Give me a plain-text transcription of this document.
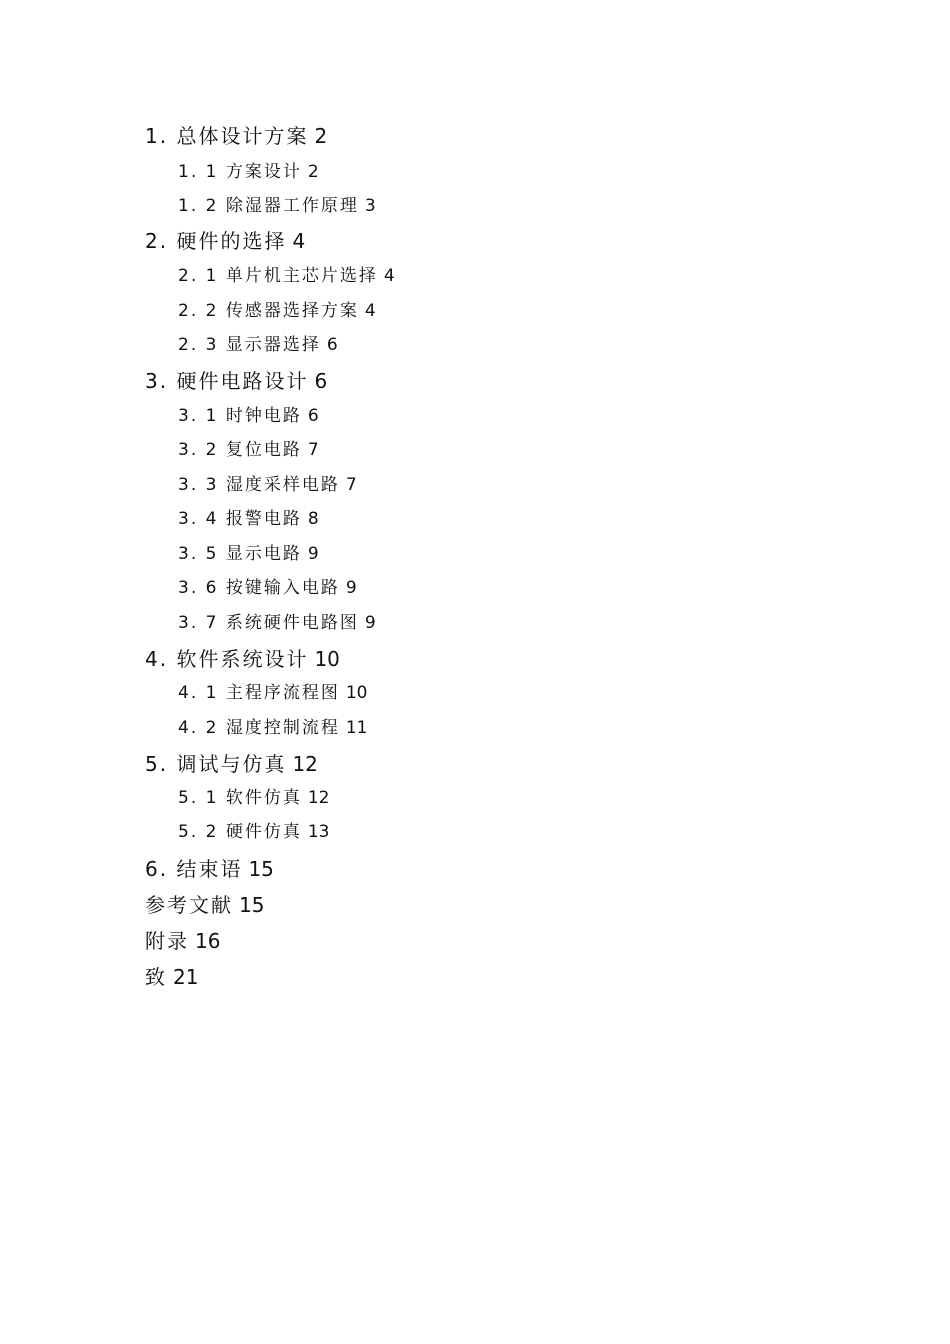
1. 总体设计方案 2
1. 1 方案设计 2
1. 2 除湿器工作原理 3
2. 硬件的选择 4
2. 1 单片机主芯片选择 4
2. 2 传感器选择方案 4
2. 3 显示器选择 6
3. 硬件电路设计 6
3. 1 时钟电路 6
3. 2 复位电路 7
3. 3 湿度采样电路 7
3. 4 报警电路 8
3. 5 显示电路 9
3. 6 按键输入电路 9
3. 7 系统硬件电路图 9
4. 软件系统设计 10
4. 1 主程序流程图 10
4. 2 湿度控制流程 11
5. 调试与仿真 12
5. 1 软件仿真 12
5. 2 硬件仿真 13
6. 结束语 15
参考文献 15
附录 16
致 21
